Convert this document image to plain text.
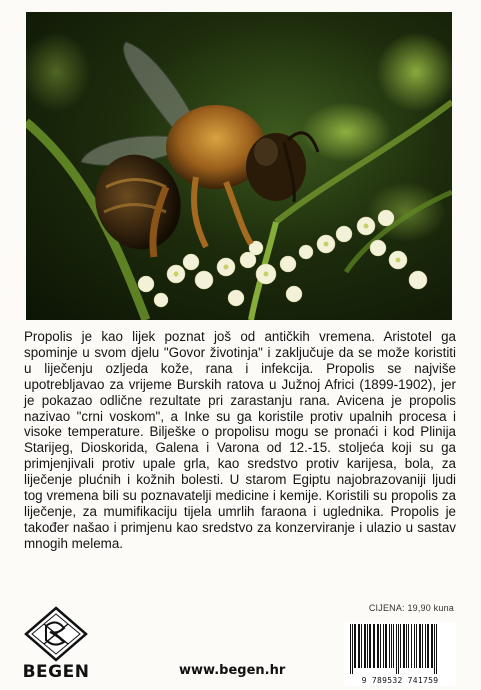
Propolis je kao lijek poznat još od antičkih vremena. Aristotel ga spominje u svom djelu "Govor životinja" i zaključuje da se može koristiti u liječenju ozljeda kože, rana i infekcija. Propolis se najviše upotrebljavao za vrijeme Burskih ratova u Južnoj Africi (1899-1902), jer je pokazao odlične rezultate pri zarastanju rana. Avicena je propolis nazivao "crni voskom", a Inke su ga koristile protiv upalnih procesa i visoke temperature. Bilješke o propolisu mogu se pronaći i kod Plinija Starijeg, Dioskorida, Galena i Varona od 12.-15. stoljeća koji su ga primjenjivali protiv upale grla, kao sredstvo protiv karijesa, bola, za liječenje plućnih i kožnih bolesti. U starom Egiptu najobrazovaniji ljudi tog vremena bili su poznavatelji medicine i kemije. Koristili su propolis za liječenje, za mumifikaciju tijela umrlih faraona i uglednika. Propolis je također našao i primjenu kao sredstvo za konzerviranje i ulazio u sastav mnogih melema.

CIJENA: 19,90 kuna
BEGEN	www.begen.hr
9 789532 741759
